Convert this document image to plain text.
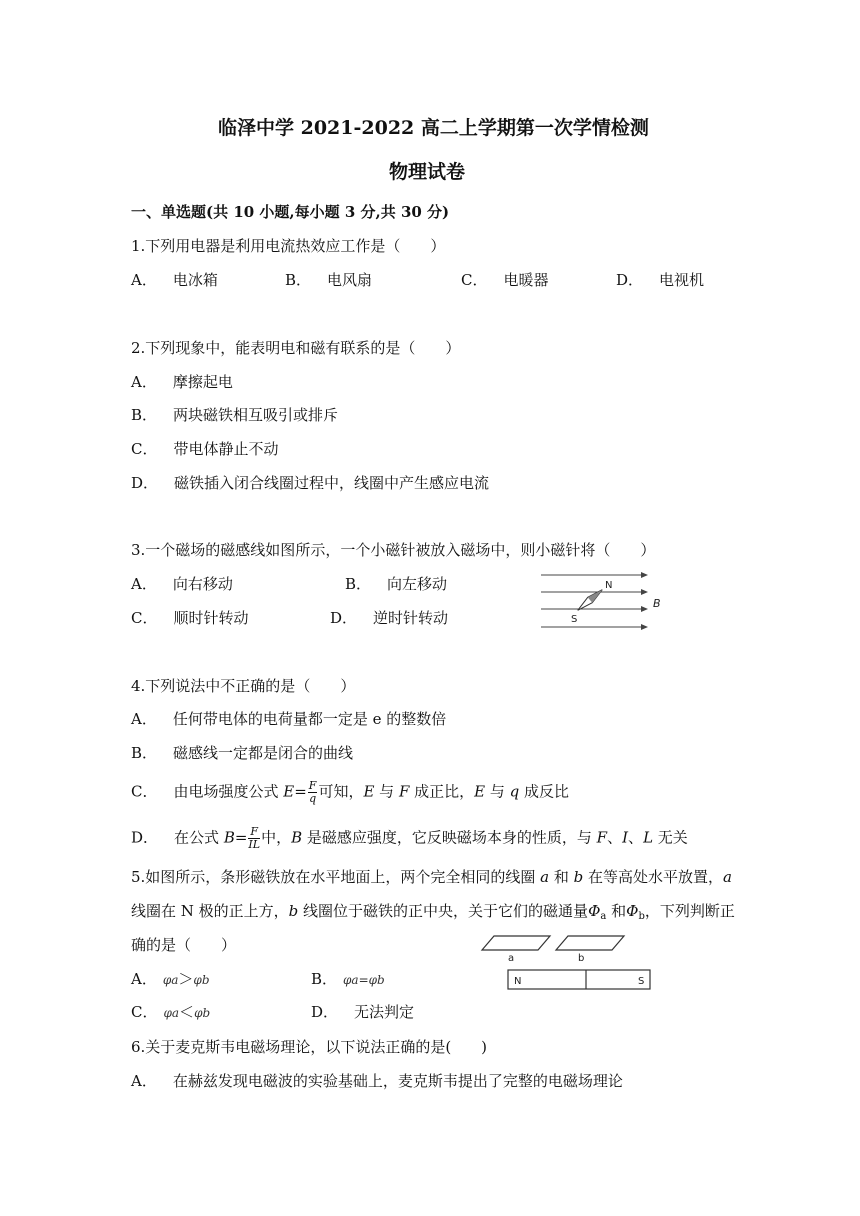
临泽中学 2021-2022 高二上学期第一次学情检测
物理试卷
一、单选题(共 10 小题,每小题 3 分,共 30 分)
1.下列用电器是利用电流热效应工作是（　　）
A． 电冰箱	B． 电风扇	C． 电暖器	D． 电视机
2.下列现象中，能表明电和磁有联系的是（　　）
A． 摩擦起电
B． 两块磁铁相互吸引或排斥
C． 带电体静止不动
D． 磁铁插入闭合线圈过程中，线圈中产生感应电流
3.一个磁场的磁感线如图所示，一个小磁针被放入磁场中，则小磁针将（　　）
A． 向右移动	B． 向左移动
C． 顺时针转动	D． 逆时针转动
N
S
B
4.下列说法中不正确的是（　　）
A． 任何带电体的电荷量都一定是 e 的整数倍
B． 磁感线一定都是闭合的曲线
C． 由电场强度公式 $E= \frac{F}{q}$ 可知，E 与 F 成正比，E 与 q 成反比
D． 在公式 $B= \frac{F}{IL}$ 中，B 是磁感应强度，它反映磁场本身的性质，与 F、I、L 无关
5.如图所示，条形磁铁放在水平地面上，两个完全相同的线圈 a 和 b 在等高处水平放置，a
线圈在 N 极的正上方，b 线圈位于磁铁的正中央，关于它们的磁通量$\Phi_a$ 和$\Phi_b$，下列判断正
确的是（　　）
A． φa＞φb	B． φa=φb
C． φa＜φb	D． 无法判定
a	b
N	S
6.关于麦克斯韦电磁场理论，以下说法正确的是(　　)
A． 在赫兹发现电磁波的实验基础上，麦克斯韦提出了完整的电磁场理论
